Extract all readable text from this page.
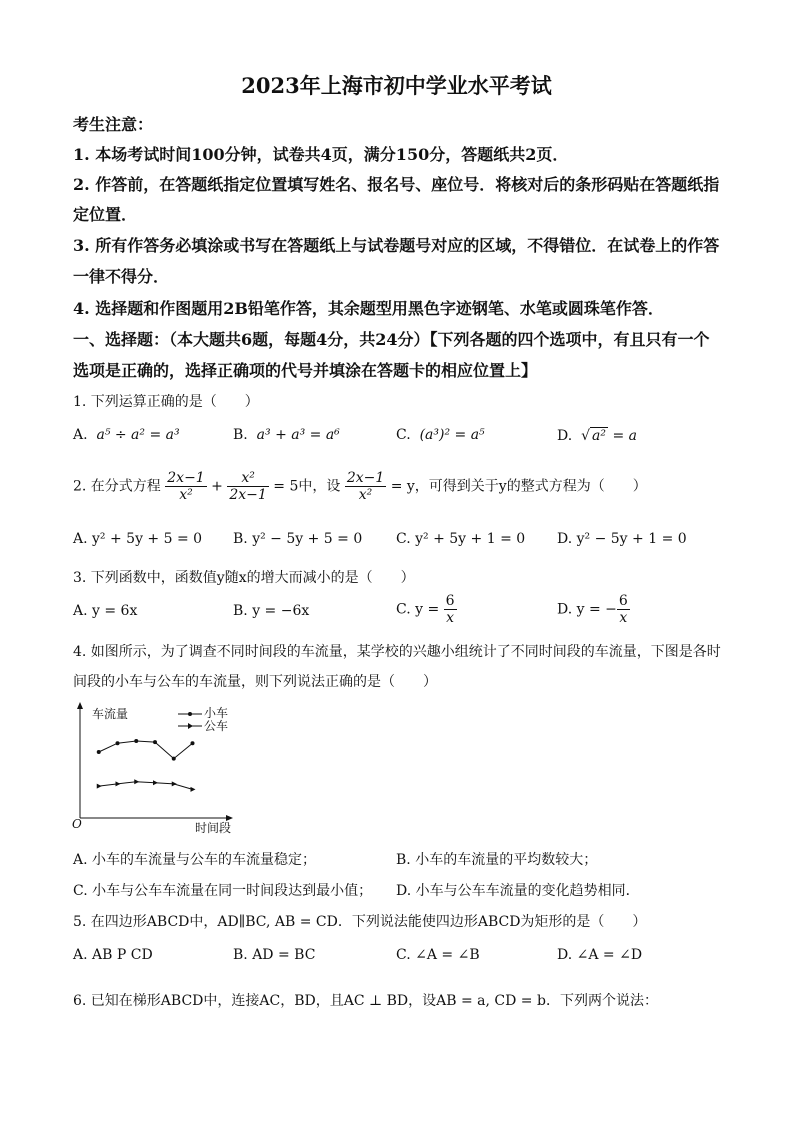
2023年上海市初中学业水平考试
考生注意：
1. 本场考试时间100分钟，试卷共4页，满分150分，答题纸共2页．
2. 作答前，在答题纸指定位置填写姓名、报名号、座位号．将核对后的条形码贴在答题纸指
定位置．
3. 所有作答务必填涂或书写在答题纸上与试卷题号对应的区域，不得错位．在试卷上的作答
一律不得分．
4. 选择题和作图题用2B铅笔作答，其余题型用黑色字迹钢笔、水笔或圆珠笔作答．
一、选择题：（本大题共6题，每题4分，共24分）【下列各题的四个选项中，有且只有一个
选项是正确的，选择正确项的代号并填涂在答题卡的相应位置上】
1. 下列运算正确的是（　　）
A. a⁵ ÷ a² = a³	B. a³ + a³ = a⁶	C. (a³)² = a⁵	D. √ a² = a
2. 在分式方程 $\frac{2x-1}{\text{x²}} + \frac{\text{x²}}{2x-1} = 5$中，设 $\frac{2x-1}{\text{x²}} = y$，可得到关于y的整式方程为（　　）
A. y² + 5y + 5 = 0 B. y² − 5y + 5 = 0 C. y² + 5y + 1 = 0 D. y² − 5y + 1 = 0
3. 下列函数中，函数值y随x的增大而减小的是（　　）
A. y = 6x	B. y = −6x	C. $y = \frac{6}{x}$	D. y = − $\frac{6}{x}$
4. 如图所示，为了调查不同时间段的车流量，某学校的兴趣小组统计了不同时间段的车流量，下图是各时
间段的小车与公车的车流量，则下列说法正确的是（　　）
车流量
时间段
O
小车
公车
A. 小车的车流量与公车的车流量稳定；	B. 小车的车流量的平均数较大；
C. 小车与公车车流量在同一时间段达到最小值； D. 小车与公车车流量的变化趋势相同．
5. 在四边形ABCD中，AD∥BC, AB = CD．下列说法能使四边形ABCD为矩形的是（　　）
A. AB P CD	B. AD = BC	C. ∠A = ∠B	D. ∠A = ∠D
6. 已知在梯形ABCD中，连接AC，BD，且AC ⊥ BD，设AB = a, CD = b．下列两个说法：
